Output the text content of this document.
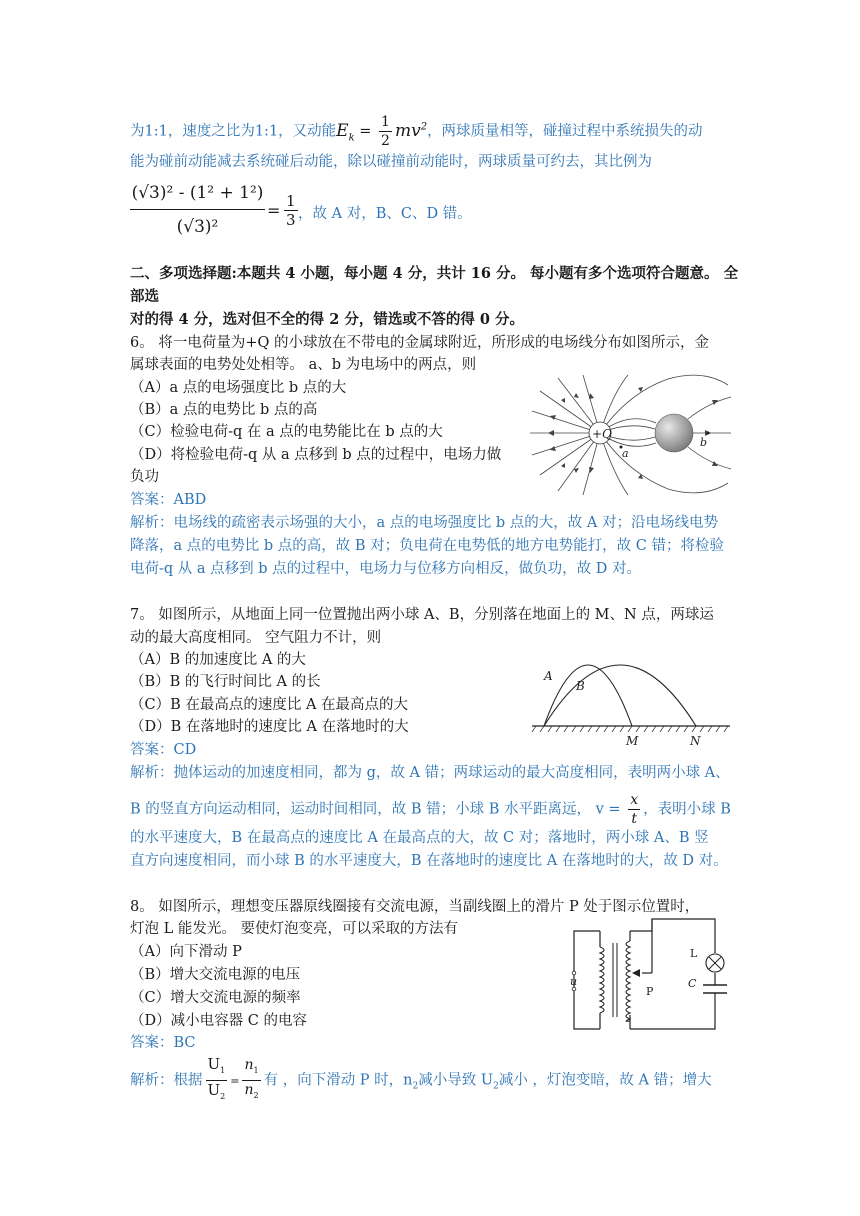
为1:1，速度之比为1:1，又动能$E_k = \frac{1}{2} mv^2$，两球质量相等，碰撞过程中系统损失的动
能为碰前动能减去系统碰后动能，除以碰撞前动能时，两球质量可约去，其比例为
$\frac{\text{(√3)² - (1² + 1²)}}{\text{(√3)²}} = \frac{1}{3}$ ，故 A 对，B、C、D 错。
二、多项选择题:本题共 4 小题，每小题 4 分，共计 16 分。 每小题有多个选项符合题意。 全
部选
对的得 4 分，选对但不全的得 2 分，错选或不答的得 0 分。
6。 将一电荷量为+Q 的小球放在不带电的金属球附近，所形成的电场线分布如图所示，金
属球表面的电势处处相等。 a、b 为电场中的两点，则
（A）a 点的电场强度比 b 点的大
（B）a 点的电势比 b 点的高
（C）检验电荷-q 在 a 点的电势能比在 b 点的大
（D）将检验电荷-q 从 a 点移到 b 点的过程中，电场力做
负功
答案：ABD
解析：电场线的疏密表示场强的大小，a 点的电场强度比 b 点的大，故 A 对；沿电场线电势
降落，a 点的电势比 b 点的高，故 B 对；负电荷在电势低的地方电势能打，故 C 错；将检验
电荷-q 从 a 点移到 b 点的过程中，电场力与位移方向相反，做负功，故 D 对。
+Q
a
b
7。 如图所示，从地面上同一位置抛出两小球 A、B，分别落在地面上的 M、N 点，两球运
动的最大高度相同。 空气阻力不计，则
（A）B 的加速度比 A 的大
（B）B 的飞行时间比 A 的长
（C）B 在最高点的速度比 A 在最高点的大
（D）B 在落地时的速度比 A 在落地时的大
答案：CD
解析：抛体运动的加速度相同，都为 g，故 A 错；两球运动的最大高度相同，表明两小球 A、
B 的竖直方向运动相同，运动时间相同，故 B 错；小球 B 水平距离远， $v = \frac{x}{t}$ ，表明小球 B
的水平速度大，B 在最高点的速度比 A 在最高点的大，故 C 对；落地时，两小球 A、B 竖
直方向速度相同，而小球 B 的水平速度大，B 在落地时的速度比 A 在落地时的大，故 D 对。
A
B
M	N
8。 如图所示，理想变压器原线圈接有交流电源，当副线圈上的滑片 P 处于图示位置时，
灯泡 L 能发光。 要使灯泡变亮，可以采取的方法有
（A）向下滑动 P
（B）增大交流电源的电压
（C）增大交流电源的频率
（D）减小电容器 C 的电容
答案：BC
解析：根据 $\frac{U_1}{U_2} = \frac{n_1}{n_2}$ 有 ，向下滑动 P 时，$n_2$减小导致 $U_2$减小 ，灯泡变暗，故 A 错；增大
u
P
L
C
